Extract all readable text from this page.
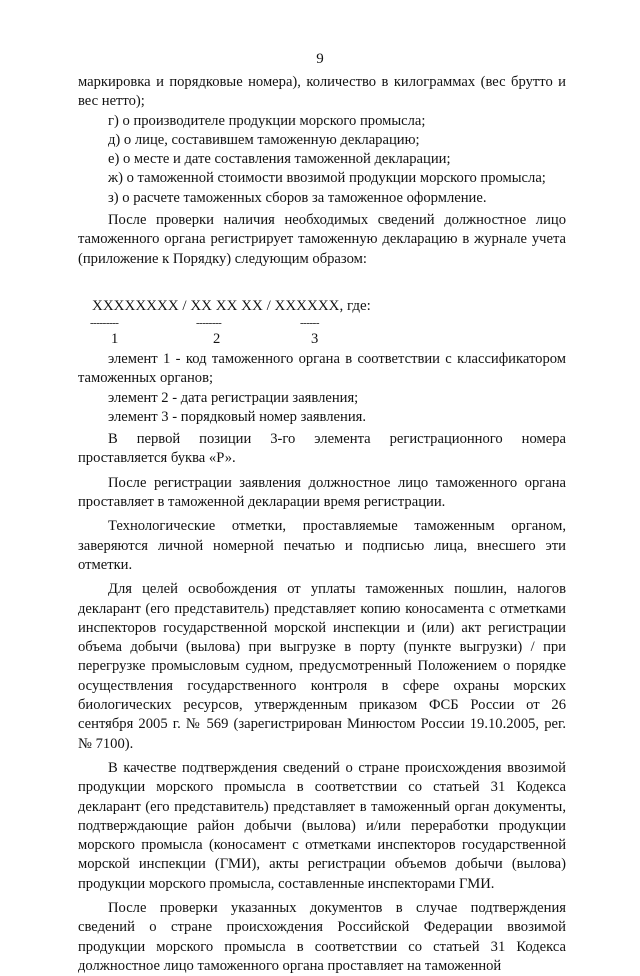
9

маркировка и порядковые номера), количество в килограммах (вес брутто и вес нетто);

г) о производителе продукции морского промысла;

д) о лице, составившем таможенную декларацию;

е) о месте и дате составления таможенной декларации;

ж) о таможенной стоимости ввозимой продукции морского промысла;

з) о расчете таможенных сборов за таможенное оформление.

После проверки наличия необходимых сведений должностное лицо таможенного органа регистрирует таможенную декларацию в журнале учета (приложение к Порядку) следующим образом:

XXXXXXXX / XX XX XX / XXXXXX, где:
---------	--------	------
1	2	3

элемент 1 - код таможенного органа в соответствии с классификатором таможенных органов;

элемент 2 - дата регистрации заявления;

элемент 3 - порядковый номер заявления.

В первой позиции 3-го элемента регистрационного номера проставляется буква «Р».

После регистрации заявления должностное лицо таможенного органа проставляет в таможенной декларации время регистрации.

Технологические отметки, проставляемые таможенным органом, заверяются личной номерной печатью и подписью лица, внесшего эти отметки.

Для целей освобождения от уплаты таможенных пошлин, налогов декларант (его представитель) представляет копию коносамента с отметками инспекторов государственной морской инспекции и (или) акт регистрации объема добычи (вылова) при выгрузке в порту (пункте выгрузки) / при перегрузке промысловым судном, предусмотренный Положением о порядке осуществления государственного контроля в сфере охраны морских биологических ресурсов, утвержденным приказом ФСБ России от 26 сентября 2005 г. № 569 (зарегистрирован Минюстом России 19.10.2005, рег. № 7100).

В качестве подтверждения сведений о стране происхождения ввозимой продукции морского промысла в соответствии со статьей 31 Кодекса декларант (его представитель) представляет в таможенный орган документы, подтверждающие район добычи (вылова) и/или переработки продукции морского промысла (коносамент с отметками инспекторов государственной морской инспекции (ГМИ), акты регистрации объемов добычи (вылова) продукции морского промысла, составленные инспекторами ГМИ.

После проверки указанных документов в случае подтверждения сведений о стране происхождения Российской Федерации ввозимой продукции морского промысла в соответствии со статьей 31 Кодекса должностное лицо таможенного органа проставляет на таможенной
